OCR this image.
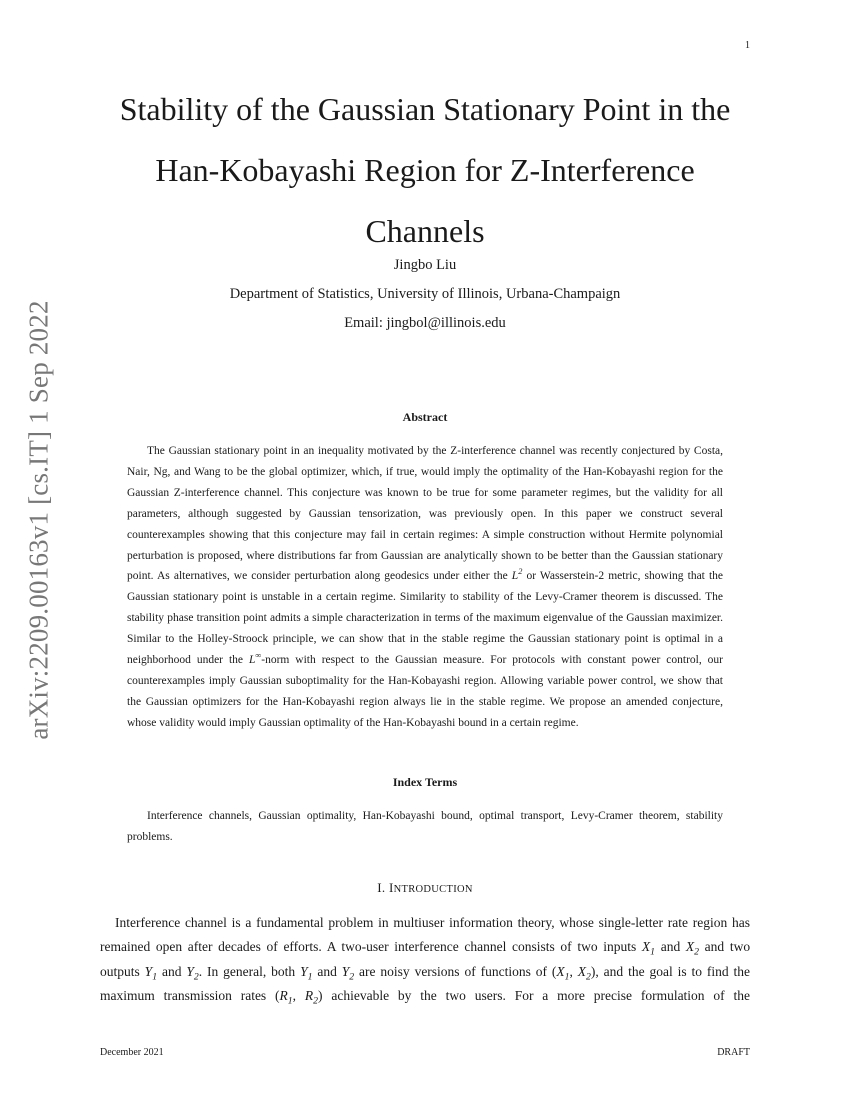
1
arXiv:2209.00163v1 [cs.IT] 1 Sep 2022
Stability of the Gaussian Stationary Point in the Han-Kobayashi Region for Z-Interference Channels
Jingbo Liu
Department of Statistics, University of Illinois, Urbana-Champaign
Email: jingbol@illinois.edu
Abstract

The Gaussian stationary point in an inequality motivated by the Z-interference channel was recently conjectured by Costa, Nair, Ng, and Wang to be the global optimizer, which, if true, would imply the optimality of the Han-Kobayashi region for the Gaussian Z-interference channel. This conjecture was known to be true for some parameter regimes, but the validity for all parameters, although suggested by Gaussian tensorization, was previously open. In this paper we construct several counterexamples showing that this conjecture may fail in certain regimes: A simple construction without Hermite polynomial perturbation is proposed, where distributions far from Gaussian are analytically shown to be better than the Gaussian stationary point. As alternatives, we consider perturbation along geodesics under either the $L^2$ or Wasserstein-2 metric, showing that the Gaussian stationary point is unstable in a certain regime. Similarity to stability of the Levy-Cramer theorem is discussed. The stability phase transition point admits a simple characterization in terms of the maximum eigenvalue of the Gaussian maximizer. Similar to the Holley-Stroock principle, we can show that in the stable regime the Gaussian stationary point is optimal in a neighborhood under the L∞-norm with respect to the Gaussian measure. For protocols with constant power control, our counterexamples imply Gaussian suboptimality for the Han-Kobayashi region. Allowing variable power control, we show that the Gaussian optimizers for the Han-Kobayashi region always lie in the stable regime. We propose an amended conjecture, whose validity would imply Gaussian optimality of the Han-Kobayashi bound in a certain regime.

Index Terms

Interference channels, Gaussian optimality, Han-Kobayashi bound, optimal transport, Levy-Cramer theorem, stability problems.

I. INTRODUCTION

Interference channel is a fundamental problem in multiuser information theory, whose single-letter rate region has remained open after decades of efforts. A two-user interference channel consists of two inputs $X_1$ and $X_2$ and two outputs $Y_1$ and $Y_2$. In general, both $Y_1$ and $Y_2$ are noisy versions of functions of ($X_1$, $X_2$), and the goal is to find the maximum transmission rates ($R_1$, $R_2$) achievable by the two users. For a more precise formulation of the

December 2021	DRAFT
